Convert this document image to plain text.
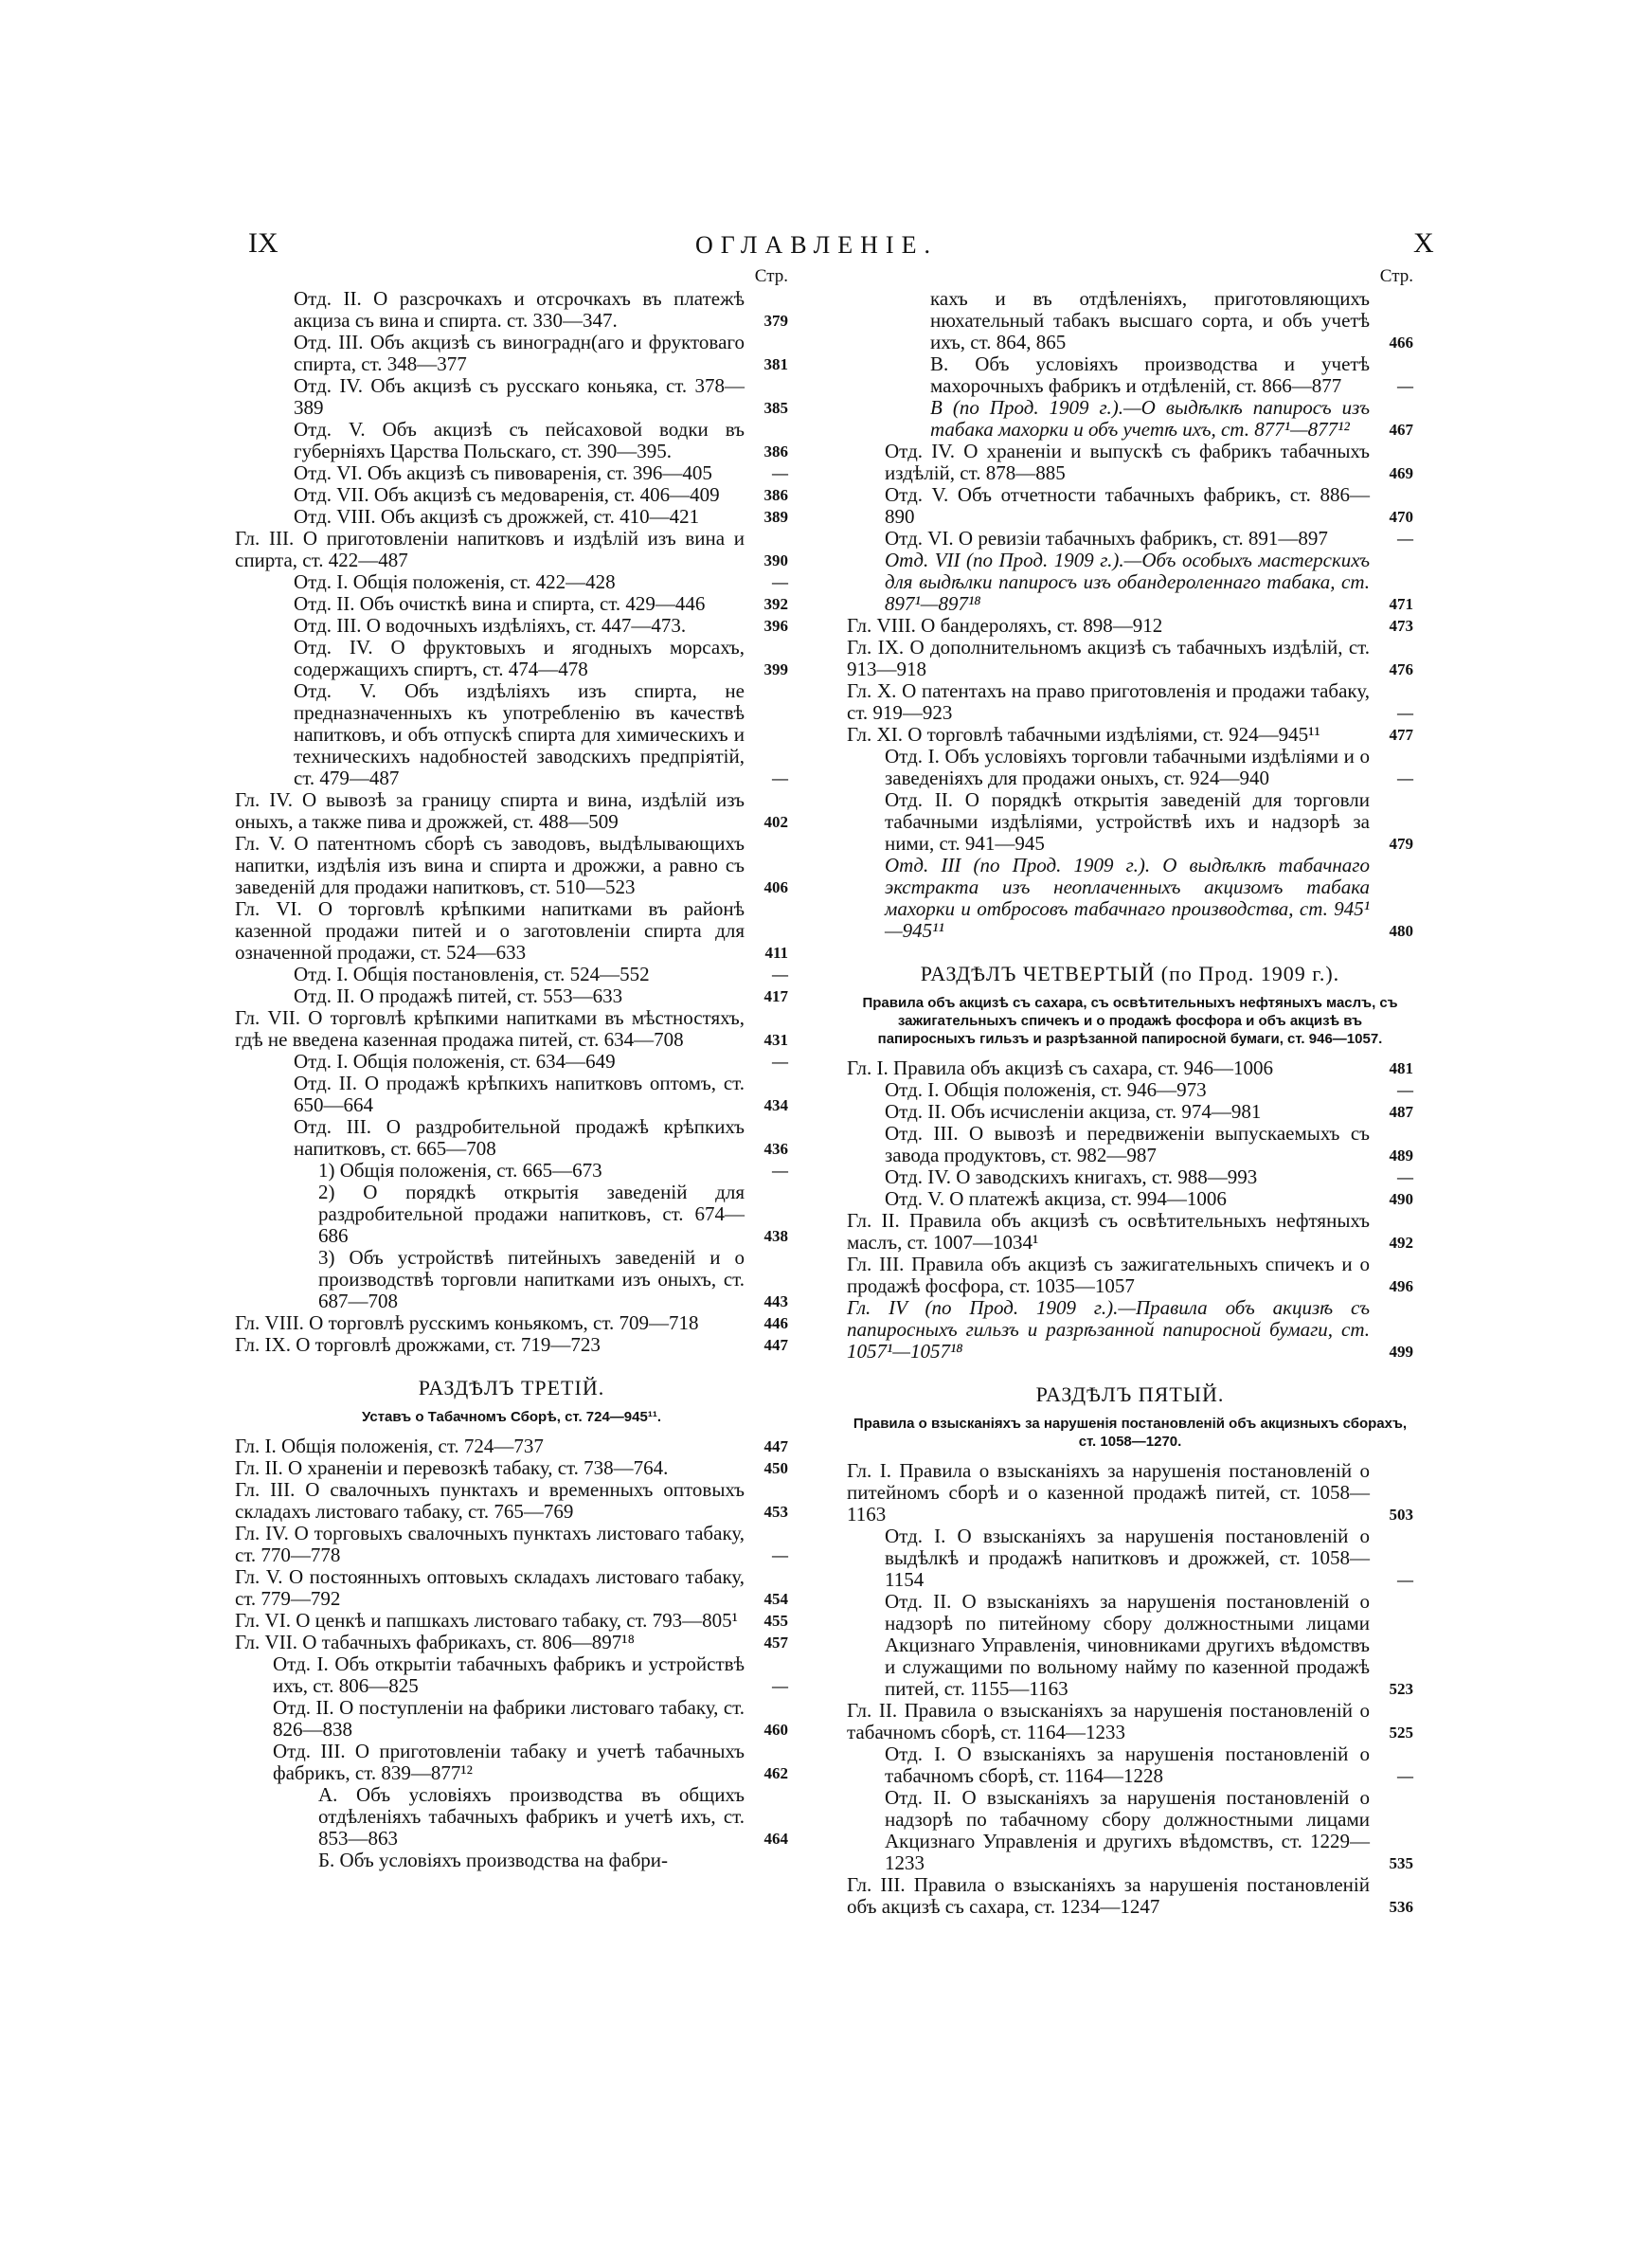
IX	ОГЛАВЛЕНІЕ.	X
Стр.
Отд. II. О разсрочкахъ и отсрочкахъ въ платежѣ акциза съ вина и спирта. ст. 330—347.	379
Отд. III. Объ акцизѣ съ виноградн(аго и фруктоваго спирта, ст. 348—377	381
Отд. IV. Объ акцизѣ съ русскаго коньяка, ст. 378—389	385
Отд. V. Объ акцизѣ съ пейсаховой водки въ губерніяхъ Царства Польскаго, ст. 390—395.	386
Отд. VI. Объ акцизѣ съ пивоваренія, ст. 396—405	—
Отд. VII. Объ акцизѣ съ медоваренія, ст. 406—409	386
Отд. VIII. Объ акцизѣ съ дрожжей, ст. 410—421	389
Гл. III. О приготовленіи напитковъ и издѣлій изъ вина и спирта, ст. 422—487	390
Отд. I. Общія положенія, ст. 422—428	—
Отд. II. Объ очисткѣ вина и спирта, ст. 429—446	392
Отд. III. О водочныхъ издѣліяхъ, ст. 447—473.	396
Отд. IV. О фруктовыхъ и ягодныхъ морсахъ, содержащихъ спиртъ, ст. 474—478	399
Отд. V. Объ издѣліяхъ изъ спирта, не предназначенныхъ къ употребленію въ качествѣ напитковъ, и объ отпускѣ спирта для химическихъ и техническихъ надобностей заводскихъ предпріятій, ст. 479—487	—
Гл. IV. О вывозѣ за границу спирта и вина, издѣлій изъ оныхъ, а также пива и дрожжей, ст. 488—509	402
Гл. V. О патентномъ сборѣ съ заводовъ, выдѣлывающихъ напитки, издѣлія изъ вина и спирта и дрожжи, а равно съ заведеній для продажи напитковъ, ст. 510—523	406
Гл. VI. О торговлѣ крѣпкими напитками въ районѣ казенной продажи питей и о заготовленіи спирта для означенной продажи, ст. 524—633	411
Отд. I. Общія постановленія, ст. 524—552	—
Отд. II. О продажѣ питей, ст. 553—633	417
Гл. VII. О торговлѣ крѣпкими напитками въ мѣстностяхъ, гдѣ не введена казенная продажа питей, ст. 634—708	431
Отд. I. Общія положенія, ст. 634—649	—
Отд. II. О продажѣ крѣпкихъ напитковъ оптомъ, ст. 650—664	434
Отд. III. О раздробительной продажѣ крѣпкихъ напитковъ, ст. 665—708	436
1) Общія положенія, ст. 665—673	—
2) О порядкѣ открытія заведеній для раздробительной продажи напитковъ, ст. 674—686	438
3) Объ устройствѣ питейныхъ заведеній и о производствѣ торговли напитками изъ оныхъ, ст. 687—708	443
Гл. VIII. О торговлѣ русскимъ коньякомъ, ст. 709—718	446
Гл. IX. О торговлѣ дрожжами, ст. 719—723	447
РАЗДѢЛЪ ТРЕТІЙ.
Уставъ о Табачномъ Сборѣ, ст. 724—945¹¹.
Гл. I. Общія положенія, ст. 724—737	447
Гл. II. О храненіи и перевозкѣ табаку, ст. 738—764.	450
Гл. III. О свалочныхъ пунктахъ и временныхъ оптовыхъ складахъ листоваго табаку, ст. 765—769	453
Гл. IV. О торговыхъ свалочныхъ пунктахъ листоваго табаку, ст. 770—778	—
Гл. V. О постоянныхъ оптовыхъ складахъ листоваго табаку, ст. 779—792	454
Гл. VI. О ценкѣ и папшкахъ листоваго табаку, ст. 793—805¹	455
Гл. VII. О табачныхъ фабрикахъ, ст. 806—897¹⁸	457
Отд. I. Объ открытіи табачныхъ фабрикъ и устройствѣ ихъ, ст. 806—825	—
Отд. II. О поступленіи на фабрики листоваго табаку, ст. 826—838	460
Отд. III. О приготовленіи табаку и учетѣ табачныхъ фабрикъ, ст. 839—877¹²	462
А. Объ условіяхъ производства въ общихъ отдѣленіяхъ табачныхъ фабрикъ и учетѣ ихъ, ст. 853—863	464
Б. Объ условіяхъ производства на фабри-
Стр.
кахъ и въ отдѣленіяхъ, приготовляющихъ нюхательный табакъ высшаго сорта, и объ учетѣ ихъ, ст. 864, 865	466
В. Объ условіяхъ производства и учетѣ махорочныхъ фабрикъ и отдѣленій, ст. 866—877	—
В (по Прод. 1909 г.).—О выдѣлкѣ папиросъ изъ табака махорки и объ учетѣ ихъ, ст. 877¹—877¹²	467
Отд. IV. О храненіи и выпускѣ съ фабрикъ табачныхъ издѣлій, ст. 878—885	469
Отд. V. Объ отчетности табачныхъ фабрикъ, ст. 886—890	470
Отд. VI. О ревизіи табачныхъ фабрикъ, ст. 891—897	—
Отд. VII (по Прод. 1909 г.).—Объ особыхъ мастерскихъ для выдѣлки папиросъ изъ обандероленнаго табака, ст. 897¹—897¹⁸	471
Гл. VIII. О бандероляхъ, ст. 898—912	473
Гл. IX. О дополнительномъ акцизѣ съ табачныхъ издѣлій, ст. 913—918	476
Гл. X. О патентахъ на право приготовленія и продажи табаку, ст. 919—923	—
Гл. XI. О торговлѣ табачными издѣліями, ст. 924—945¹¹	477
Отд. I. Объ условіяхъ торговли табачными издѣліями и о заведеніяхъ для продажи оныхъ, ст. 924—940	—
Отд. II. О порядкѣ открытія заведеній для торговли табачными издѣліями, устройствѣ ихъ и надзорѣ за ними, ст. 941—945	479
Отд. III (по Прод. 1909 г.). О выдѣлкѣ табачнаго экстракта изъ неоплаченныхъ акцизомъ табака махорки и отбросовъ табачнаго производства, ст. 945¹—945¹¹	480
РАЗДѢЛЪ ЧЕТВЕРТЫЙ (по Прод. 1909 г.).
Правила объ акцизѣ съ сахара, съ освѣтительныхъ нефтяныхъ маслъ, съ зажигательныхъ спичекъ и о продажѣ фосфора и объ акцизѣ въ папиросныхъ гильзъ и разрѣзанной папиросной бумаги, ст. 946—1057.
Гл. I. Правила объ акцизѣ съ сахара, ст. 946—1006	481
Отд. I. Общія положенія, ст. 946—973	—
Отд. II. Объ исчисленіи акциза, ст. 974—981	487
Отд. III. О вывозѣ и передвиженіи выпускаемыхъ съ завода продуктовъ, ст. 982—987	489
Отд. IV. О заводскихъ книгахъ, ст. 988—993	—
Отд. V. О платежѣ акциза, ст. 994—1006	490
Гл. II. Правила объ акцизѣ съ освѣтительныхъ нефтяныхъ маслъ, ст. 1007—1034¹	492
Гл. III. Правила объ акцизѣ съ зажигательныхъ спичекъ и о продажѣ фосфора, ст. 1035—1057	496
Гл. IV (по Прод. 1909 г.).—Правила объ акцизѣ съ папиросныхъ гильзъ и разрѣзанной папиросной бумаги, ст. 1057¹—1057¹⁸	499
РАЗДѢЛЪ ПЯТЫЙ.
Правила о взысканіяхъ за нарушенія постановленій объ акцизныхъ сборахъ, ст. 1058—1270.
Гл. I. Правила о взысканіяхъ за нарушенія постановленій о питейномъ сборѣ и о казенной продажѣ питей, ст. 1058—1163	503
Отд. I. О взысканіяхъ за нарушенія постановленій о выдѣлкѣ и продажѣ напитковъ и дрожжей, ст. 1058—1154	—
Отд. II. О взысканіяхъ за нарушенія постановленій о надзорѣ по питейному сбору должностными лицами Акцизнаго Управленія, чиновниками другихъ вѣдомствъ и служащими по вольному найму по казенной продажѣ питей, ст. 1155—1163	523
Гл. II. Правила о взысканіяхъ за нарушенія постановленій о табачномъ сборѣ, ст. 1164—1233	525
Отд. I. О взысканіяхъ за нарушенія постановленій о табачномъ сборѣ, ст. 1164—1228	—
Отд. II. О взысканіяхъ за нарушенія постановленій о надзорѣ по табачному сбору должностными лицами Акцизнаго Управленія и другихъ вѣдомствъ, ст. 1229—1233	535
Гл. III. Правила о взысканіяхъ за нарушенія постановленій объ акцизѣ съ сахара, ст. 1234—1247	536
